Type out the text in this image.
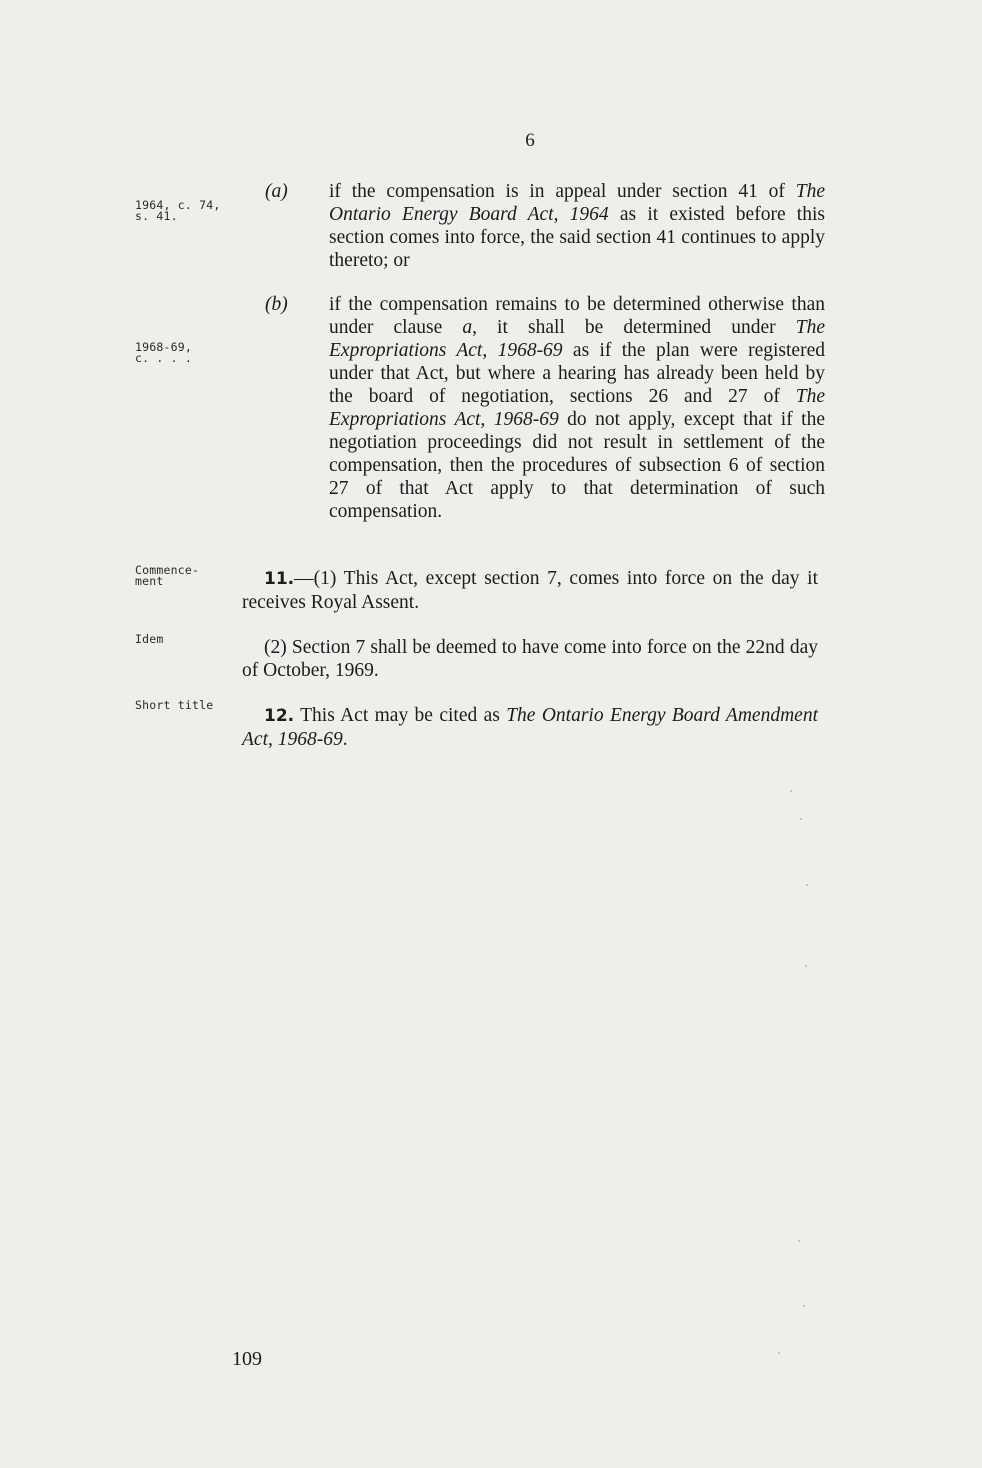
6
1964, c. 74,
s. 41.
1968-69,
c. . . .
Commence-
ment
Idem
Short title
(a) if the compensation is in appeal under section 41 of The Ontario Energy Board Act, 1964 as it existed before this section comes into force, the said section 41 continues to apply thereto; or
(b) if the compensation remains to be determined otherwise than under clause a, it shall be determined under The Expropriations Act, 1968-69 as if the plan were registered under that Act, but where a hearing has already been held by the board of negotiation, sections 26 and 27 of The Expropriations Act, 1968-69 do not apply, except that if the negotiation proceedings did not result in settlement of the compensation, then the procedures of subsection 6 of section 27 of that Act apply to that determination of such compensation.
11.—(1) This Act, except section 7, comes into force on the day it receives Royal Assent.
(2) Section 7 shall be deemed to have come into force on the 22nd day of October, 1969.
12. This Act may be cited as The Ontario Energy Board Amendment Act, 1968-69.
109
